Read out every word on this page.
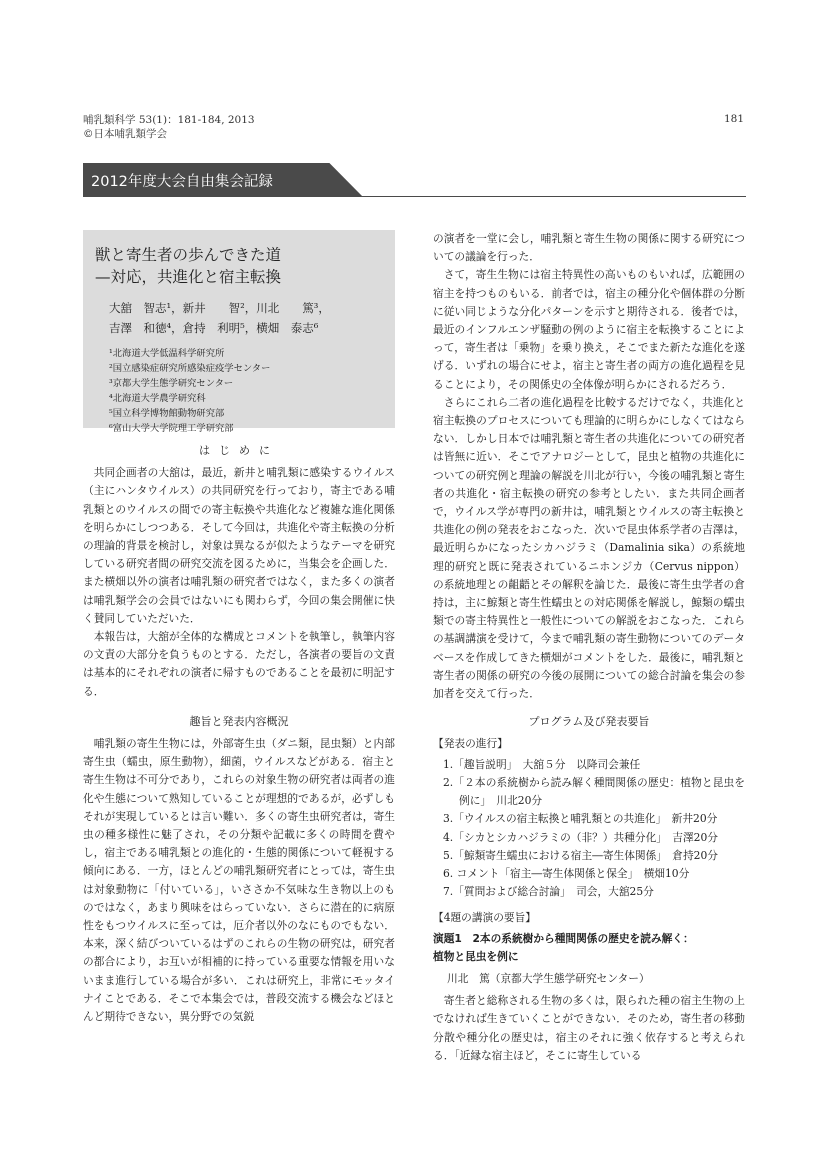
哺乳類科学 53(1)：181-184, 2013
©日本哺乳類学会
181
2012年度大会自由集会記録
獣と寄生者の歩んできた道
—対応，共進化と宿主転換
大舘　智志¹，新井　　智²，川北　　篤³，
吉澤　和徳⁴，倉持　利明⁵，横畑　泰志⁶
¹北海道大学低温科学研究所
²国立感染症研究所感染症疫学センター
³京都大学生態学研究センター
⁴北海道大学農学研究科
⁵国立科学博物館動物研究部
⁶富山大学大学院理工学研究部
はじめに

共同企画者の大舘は，最近，新井と哺乳類に感染するウイルス（主にハンタウイルス）の共同研究を行っており，寄主である哺乳類とのウイルスの間での寄主転換や共進化など複雑な進化関係を明らかにしつつある．そして今回は，共進化や寄主転換の分析の理論的背景を検討し，対象は異なるが似たようなテーマを研究している研究者間の研究交流を図るために，当集会を企画した．また横畑以外の演者は哺乳類の研究者ではなく，また多くの演者は哺乳類学会の会員ではないにも関わらず，今回の集会開催に快く賛同していただいた．

本報告は，大舘が全体的な構成とコメントを執筆し，執筆内容の文責の大部分を負うものとする．ただし，各演者の要旨の文責は基本的にそれぞれの演者に帰すものであることを最初に明記する．

趣旨と発表内容概況

哺乳類の寄生生物には，外部寄生虫（ダニ類，昆虫類）と内部寄生虫（蠕虫，原生動物），細菌，ウイルスなどがある．宿主と寄生生物は不可分であり，これらの対象生物の研究者は両者の進化や生態について熟知していることが理想的であるが，必ずしもそれが実現しているとは言い難い．多くの寄生虫研究者は，寄生虫の種多様性に魅了され，その分類や記載に多くの時間を費やし，宿主である哺乳類との進化的・生態的関係について軽視する傾向にある．一方，ほとんどの哺乳類研究者にとっては，寄生虫は対象動物に「付いている」，いささか不気味な生き物以上のものではなく，あまり興味をはらっていない．さらに潜在的に病原性をもつウイルスに至っては，厄介者以外のなにものでもない．本来，深く結びついているはずのこれらの生物の研究は，研究者の都合により，お互いが相補的に持っている重要な情報を用いないまま進行している場合が多い．これは研究上，非常にモッタイナイことである．そこで本集会では，普段交流する機会などほとんど期待できない，異分野での気鋭

の演者を一堂に会し，哺乳類と寄生生物の関係に関する研究についての議論を行った．

さて，寄生生物には宿主特異性の高いものもいれば，広範囲の宿主を持つものもいる．前者では，宿主の種分化や個体群の分断に従い同じような分化パターンを示すと期待される．後者では，最近のインフルエンザ騒動の例のように宿主を転換することによって，寄生者は「乗物」を乗り換え，そこでまた新たな進化を遂げる．いずれの場合にせよ，宿主と寄生者の両方の進化過程を見ることにより，その関係史の全体像が明らかにされるだろう．

さらにこれら二者の進化過程を比較するだけでなく，共進化と宿主転換のプロセスについても理論的に明らかにしなくてはならない．しかし日本では哺乳類と寄生者の共進化についての研究者は皆無に近い．そこでアナロジーとして，昆虫と植物の共進化についての研究例と理論の解説を川北が行い，今後の哺乳類と寄生者の共進化・宿主転換の研究の参考としたい．また共同企画者で，ウイルス学が専門の新井は，哺乳類とウイルスの寄主転換と共進化の例の発表をおこなった．次いで昆虫体系学者の吉澤は，最近明らかになったシカハジラミ（Damalinia sika）の系統地理的研究と既に発表されているニホンジカ（Cervus nippon）の系統地理との齟齬とその解釈を論じた．最後に寄生虫学者の倉持は，主に鯨類と寄生性蠕虫との対応関係を解説し，鯨類の蠕虫類での寄主特異性と一般性についての解説をおこなった．これらの基調講演を受けて，今まで哺乳類の寄生動物についてのデータベースを作成してきた横畑がコメントをした．最後に，哺乳類と寄生者の関係の研究の今後の展開についての総合討論を集会の参加者を交えて行った．

プログラム及び発表要旨
【発表の進行】
1.「趣旨説明」　大舘５分　以降司会兼任
2.「２本の系統樹から読み解く種間関係の歴史：植物と昆虫を例に」　川北20分
3.「ウイルスの宿主転換と哺乳類との共進化」　新井20分
4.「シカとシカハジラミの（非？）共種分化」　吉澤20分
5.「鯨類寄生蠕虫における宿主―寄生体関係」　倉持20分
6. コメント「宿主―寄生体関係と保全」　横畑10分
7.「質問および総合討論」　司会，大舘25分
【4題の講演の要旨】
演題1　2本の系統樹から種間関係の歴史を読み解く：
植物と昆虫を例に
川北　篤（京都大学生態学研究センター）

寄生者と総称される生物の多くは，限られた種の宿主生物の上でなければ生きていくことができない．そのため，寄生者の移動分散や種分化の歴史は，宿主のそれに強く依存すると考えられる．「近縁な宿主ほど，そこに寄生している
